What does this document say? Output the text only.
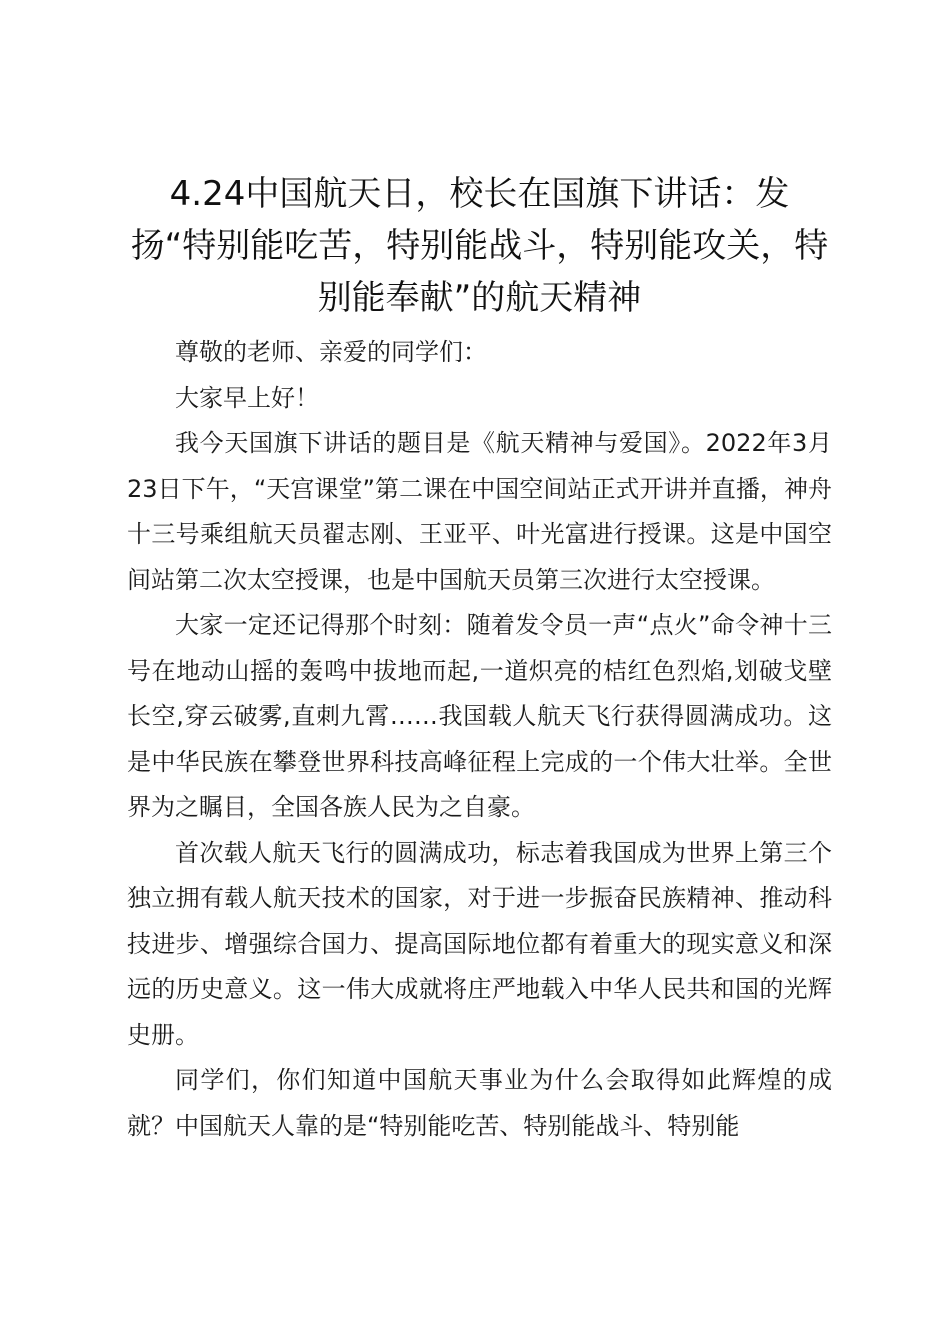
4.24中国航天日，校长在国旗下讲话：发扬“特别能吃苦，特别能战斗，特别能攻关，特别能奉献”的航天精神

尊敬的老师、亲爱的同学们：

大家早上好！

我今天国旗下讲话的题目是《航天精神与爱国》。2022年3月23日下午，“天宫课堂”第二课在中国空间站正式开讲并直播，神舟十三号乘组航天员翟志刚、王亚平、叶光富进行授课。这是中国空间站第二次太空授课，也是中国航天员第三次进行太空授课。

大家一定还记得那个时刻：随着发令员一声“点火”命令神十三号在地动山摇的轰鸣中拔地而起,一道炽亮的桔红色烈焰,划破戈壁长空,穿云破雾,直刺九霄……我国载人航天飞行获得圆满成功。这是中华民族在攀登世界科技高峰征程上完成的一个伟大壮举。全世界为之瞩目，全国各族人民为之自豪。

首次载人航天飞行的圆满成功，标志着我国成为世界上第三个独立拥有载人航天技术的国家，对于进一步振奋民族精神、推动科技进步、增强综合国力、提高国际地位都有着重大的现实意义和深远的历史意义。这一伟大成就将庄严地载入中华人民共和国的光辉史册。

同学们，你们知道中国航天事业为什么会取得如此辉煌的成就？中国航天人靠的是“特别能吃苦、特别能战斗、特别能
